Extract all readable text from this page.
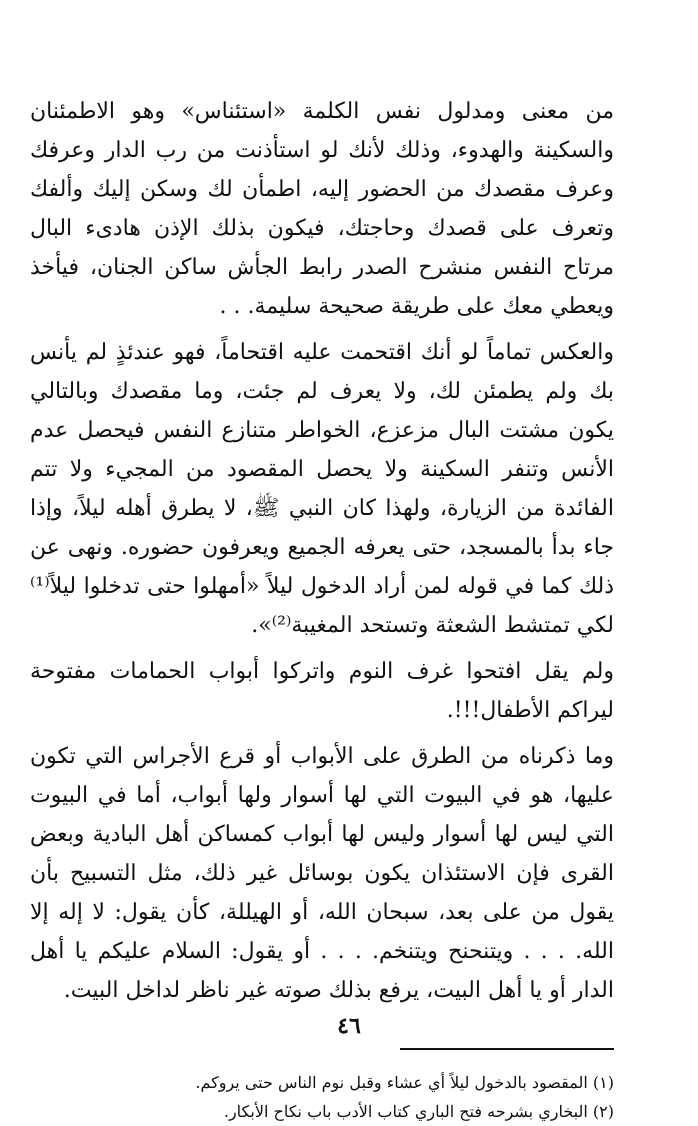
من معنى ومدلول نفس الكلمة «استئناس» وهو الاطمئنان والسكينة والهدوء، وذلك لأنك لو استأذنت من رب الدار وعرفك وعرف مقصدك من الحضور إليه، اطمأن لك وسكن إليك وألفك وتعرف على قصدك وحاجتك، فيكون بذلك الإذن هادىء البال مرتاح النفس منشرح الصدر رابط الجأش ساكن الجنان، فيأخذ ويعطي معك على طريقة صحيحة سليمة. . .

والعكس تماماً لو أنك اقتحمت عليه اقتحاماً، فهو عندئذٍ لم يأنس بك ولم يطمئن لك، ولا يعرف لم جئت، وما مقصدك وبالتالي يكون مشتت البال مزعزع، الخواطر متنازع النفس فيحصل عدم الأنس وتنفر السكينة ولا يحصل المقصود من المجيء ولا تتم الفائدة من الزيارة، ولهذا كان النبي ﷺ، لا يطرق أهله ليلاً، وإذا جاء بدأ بالمسجد، حتى يعرفه الجميع ويعرفون حضوره. ونهى عن ذلك كما في قوله لمن أراد الدخول ليلاً «أمهلوا حتى تدخلوا ليلاً⁽¹⁾ لكي تمتشط الشعثة وتستحد المغيبة⁽²⁾».

ولم يقل افتحوا غرف النوم واتركوا أبواب الحمامات مفتوحة ليراكم الأطفال!!!.

وما ذكرناه من الطرق على الأبواب أو قرع الأجراس التي تكون عليها، هو في البيوت التي لها أسوار ولها أبواب، أما في البيوت التي ليس لها أسوار وليس لها أبواب كمساكن أهل البادية وبعض القرى فإن الاستئذان يكون بوسائل غير ذلك، مثل التسبيح بأن يقول من على بعد، سبحان الله، أو الهيللة، كأن يقول: لا إله إلا الله. . . . ويتنحنح ويتنخم. . . . أو يقول: السلام عليكم يا أهل الدار أو يا أهل البيت، يرفع بذلك صوته غير ناظر لداخل البيت.

(١) المقصود بالدخول ليلاً أي عشاء وقبل نوم الناس حتى يروكم.

(٢) البخاري بشرحه فتح الباري كتاب الأدب باب نكاح الأبكار.

٤٦
